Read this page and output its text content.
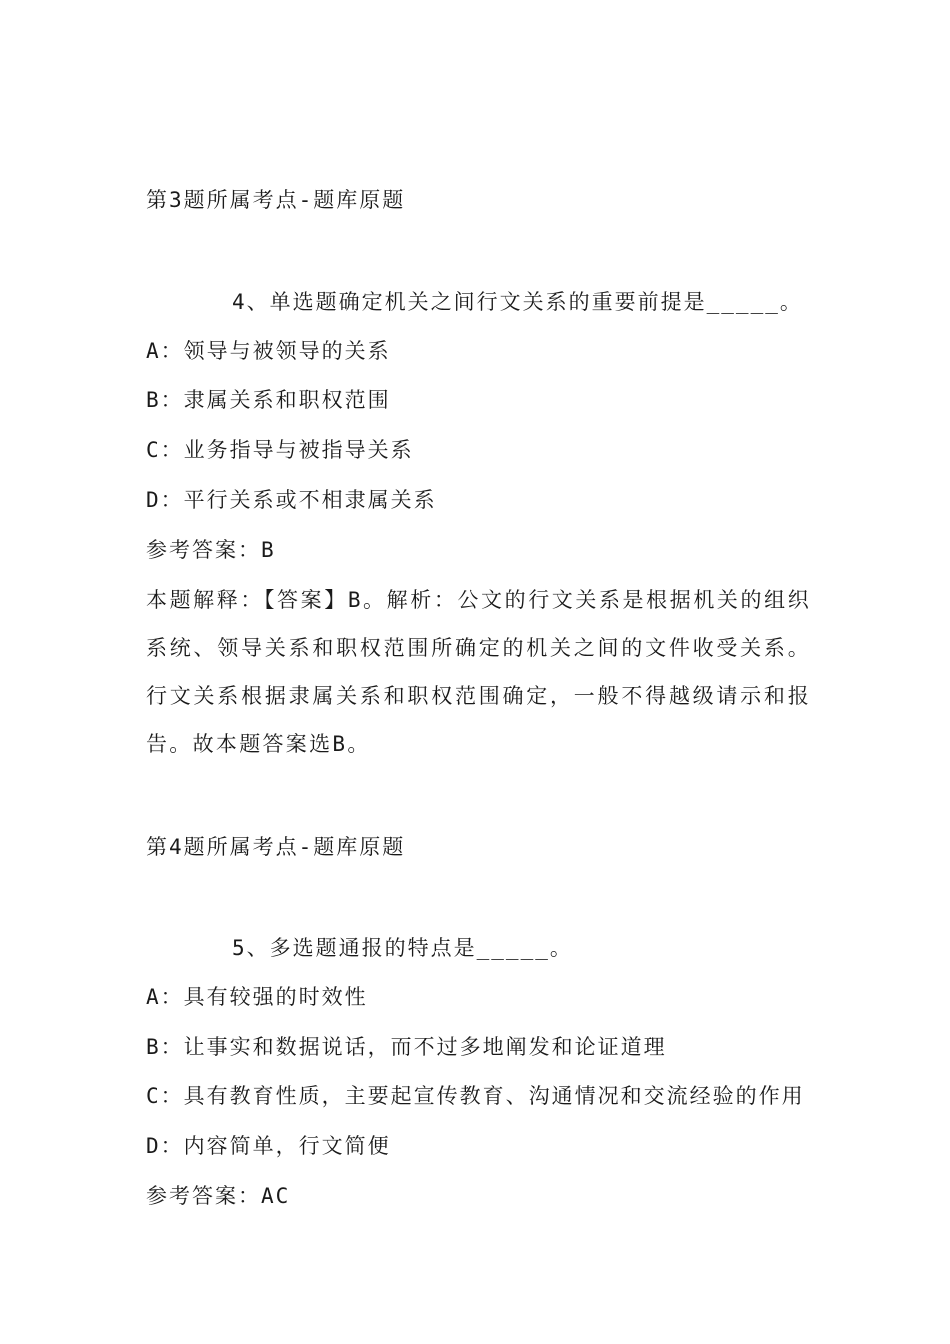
第3题所属考点-题库原题
4、单选题确定机关之间行文关系的重要前提是_____。
A：领导与被领导的关系
B：隶属关系和职权范围
C：业务指导与被指导关系
D：平行关系或不相隶属关系
参考答案：B
本题解释：【答案】B。解析：公文的行文关系是根据机关的组织系统、领导关系和职权范围所确定的机关之间的文件收受关系。行文关系根据隶属关系和职权范围确定，一般不得越级请示和报告。故本题答案选B。
第4题所属考点-题库原题
5、多选题通报的特点是_____。
A：具有较强的时效性
B：让事实和数据说话，而不过多地阐发和论证道理
C：具有教育性质，主要起宣传教育、沟通情况和交流经验的作用
D：内容简单，行文简便
参考答案：AC
